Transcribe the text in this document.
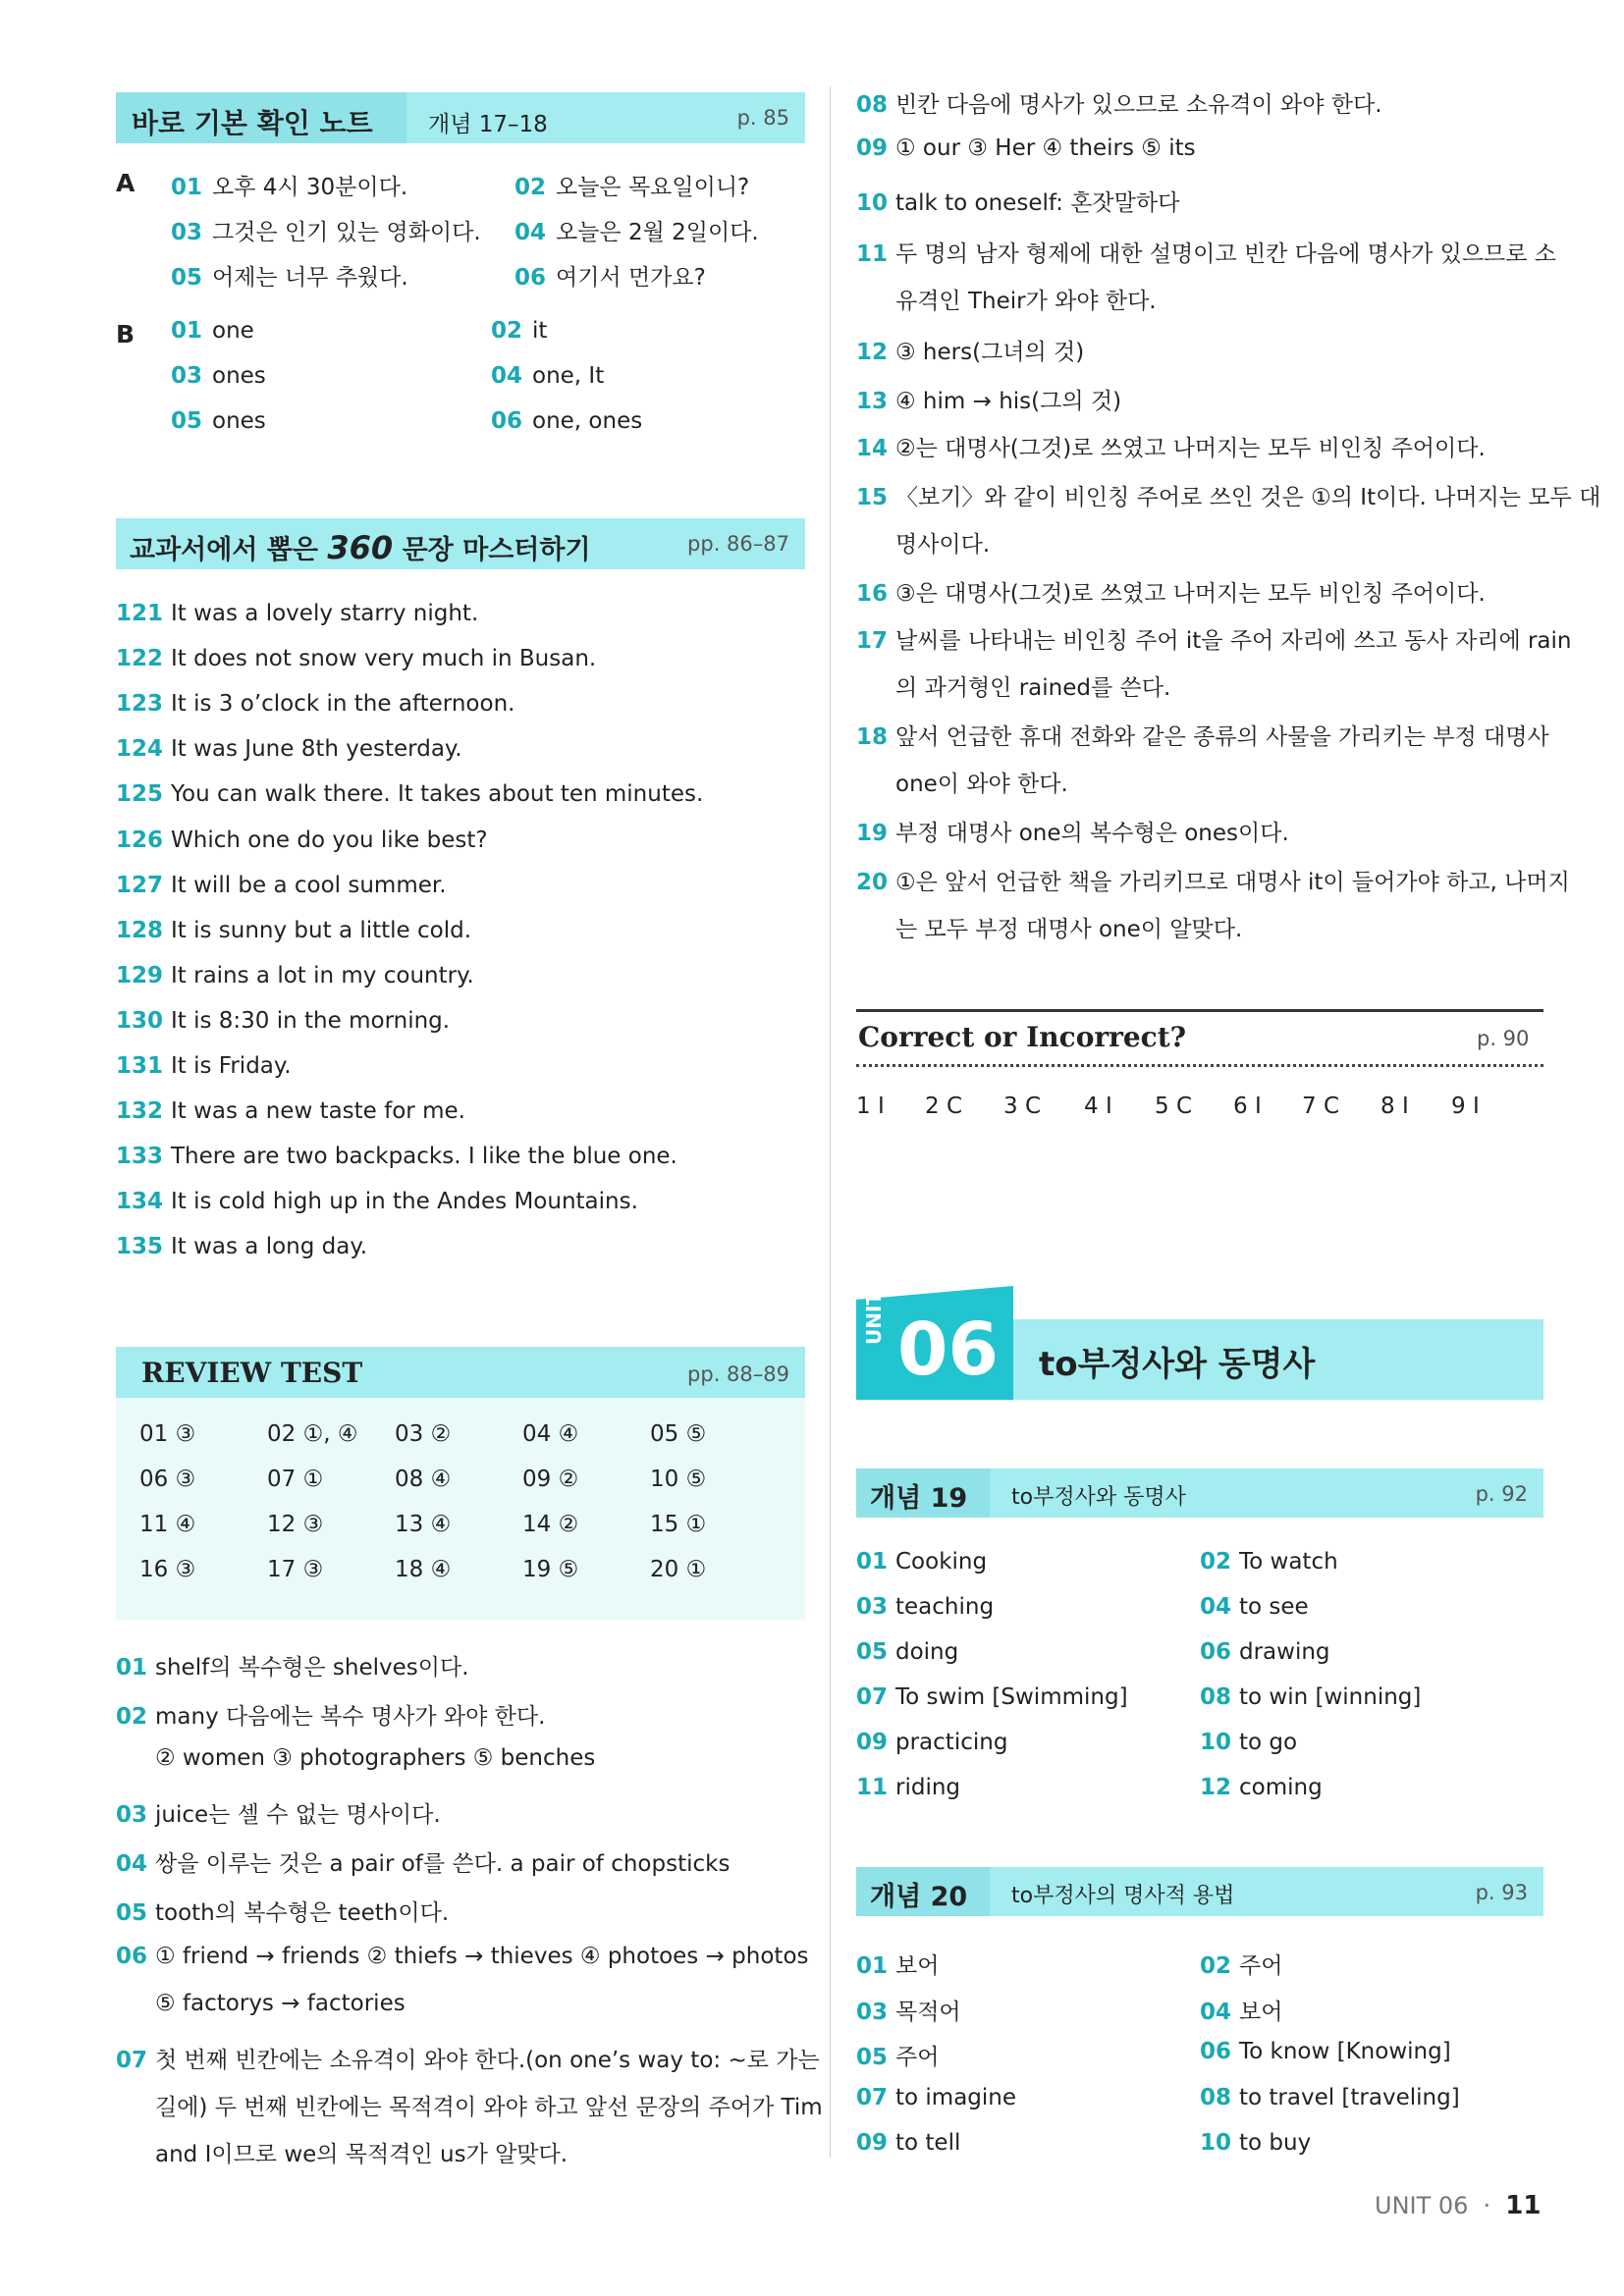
바로 기본 확인 노트 개념 17–18	p. 85
A 01 오후 4시 30분이다.	02 오늘은 목요일이니?
03 그것은 인기 있는 영화이다. 04 오늘은 2월 2일이다.
05 어제는 너무 추웠다.	06 여기서 먼가요?
B 01 one	02 it
03 ones	04 one, It
05 ones	06 one, ones
교과서에서 뽑은 360 문장 마스터하기	pp. 86–87
121 It was a lovely starry night.
122 It does not snow very much in Busan.
123 It is 3 o’clock in the afternoon.
124 It was June 8th yesterday.
125 You can walk there. It takes about ten minutes.
126 Which one do you like best?
127 It will be a cool summer.
128 It is sunny but a little cold.
129 It rains a lot in my country.
130 It is 8:30 in the morning.
131 It is Friday.
132 It was a new taste for me.
133 There are two backpacks. I like the blue one.
134 It is cold high up in the Andes Mountains.
135 It was a long day.
REVIEW TEST	pp. 88–89
01 ③	02 ①, ④ 03 ②	04 ④	05 ⑤
06 ③	07 ①	08 ④	09 ②	10 ⑤
11 ④	12 ③	13 ④	14 ②	15 ①
16 ③	17 ③	18 ④	19 ⑤	20 ①
01 shelf의 복수형은 shelves이다.
02 many 다음에는 복수 명사가 와야 한다.
② women ③ photographers ⑤ benches
03 juice는 셀 수 없는 명사이다.
04 쌍을 이루는 것은 a pair of를 쓴다. a pair of chopsticks
05 tooth의 복수형은 teeth이다.
06 ① friend → friends ② thiefs → thieves ④ photoes → photos
⑤ factorys → factories
07 첫 번째 빈칸에는 소유격이 와야 한다.(on one’s way to: ~로 가는
길에) 두 번째 빈칸에는 목적격이 와야 하고 앞선 문장의 주어가 Tim
and I이므로 we의 목적격인 us가 알맞다.
08 빈칸 다음에 명사가 있으므로 소유격이 와야 한다.
09 ① our ③ Her ④ theirs ⑤ its
10 talk to oneself: 혼잣말하다
11 두 명의 남자 형제에 대한 설명이고 빈칸 다음에 명사가 있으므로 소
유격인 Their가 와야 한다.
12 ③ hers(그녀의 것)
13 ④ him → his(그의 것)
14 ②는 대명사(그것)로 쓰였고 나머지는 모두 비인칭 주어이다.
15 〈보기〉와 같이 비인칭 주어로 쓰인 것은 ①의 It이다. 나머지는 모두 대
명사이다.
16 ③은 대명사(그것)로 쓰였고 나머지는 모두 비인칭 주어이다.
17 날씨를 나타내는 비인칭 주어 it을 주어 자리에 쓰고 동사 자리에 rain
의 과거형인 rained를 쓴다.
18 앞서 언급한 휴대 전화와 같은 종류의 사물을 가리키는 부정 대명사
one이 와야 한다.
19 부정 대명사 one의 복수형은 ones이다.
20 ①은 앞서 언급한 책을 가리키므로 대명사 it이 들어가야 하고, 나머지
는 모두 부정 대명사 one이 알맞다.
Correct or Incorrect?	p. 90
1 I 2 C 3 C 4 I 5 C 6 I 7 C 8 I 9 I
UNIT 06 to부정사와 동명사
개념 19 to부정사와 동명사	p. 92
01 Cooking	02 To watch
03 teaching	04 to see
05 doing	06 drawing
07 To swim [Swimming]	08 to win [winning]
09 practicing	10 to go
11 riding	12 coming
개념 20 to부정사의 명사적 용법	p. 93
01 보어	02 주어
03 목적어	04 보어
05 주어	06 To know [Knowing]
07 to imagine	08 to travel [traveling]
09 to tell	10 to buy
UNIT 06 · 11
